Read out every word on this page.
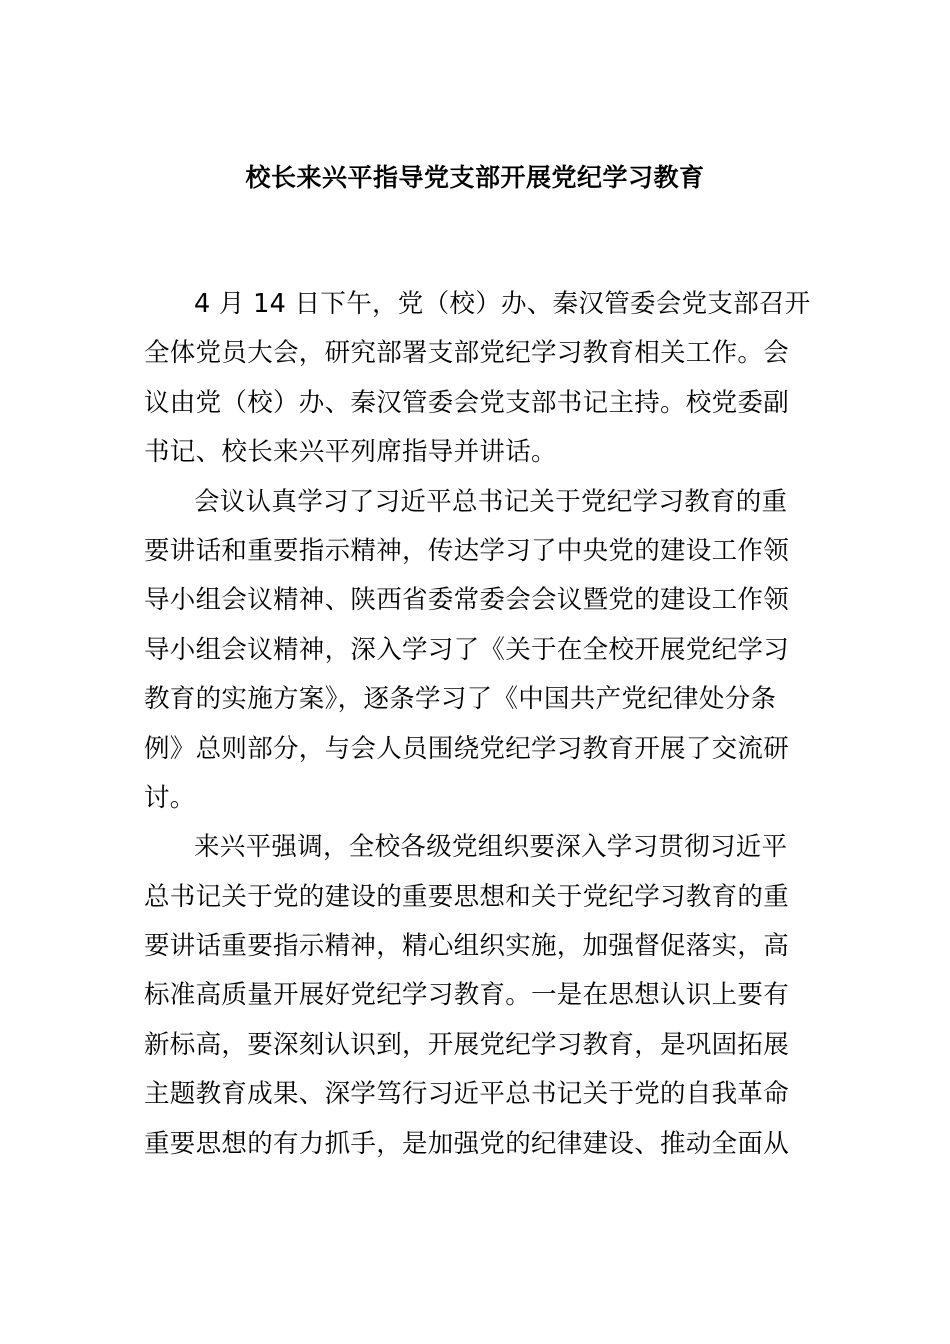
校长来兴平指导党支部开展党纪学习教育
4 月 14 日下午，党（校）办、秦汉管委会党支部召开
全体党员大会，研究部署支部党纪学习教育相关工作。会
议由党（校）办、秦汉管委会党支部书记主持。校党委副
书记、校长来兴平列席指导并讲话。
会议认真学习了习近平总书记关于党纪学习教育的重
要讲话和重要指示精神，传达学习了中央党的建设工作领
导小组会议精神、陕西省委常委会会议暨党的建设工作领
导小组会议精神，深入学习了《关于在全校开展党纪学习
教育的实施方案》，逐条学习了《中国共产党纪律处分条
例》总则部分，与会人员围绕党纪学习教育开展了交流研
讨。
来兴平强调，全校各级党组织要深入学习贯彻习近平
总书记关于党的建设的重要思想和关于党纪学习教育的重
要讲话重要指示精神，精心组织实施，加强督促落实，高
标准高质量开展好党纪学习教育。一是在思想认识上要有
新标高，要深刻认识到，开展党纪学习教育，是巩固拓展
主题教育成果、深学笃行习近平总书记关于党的自我革命
重要思想的有力抓手，是加强党的纪律建设、推动全面从
